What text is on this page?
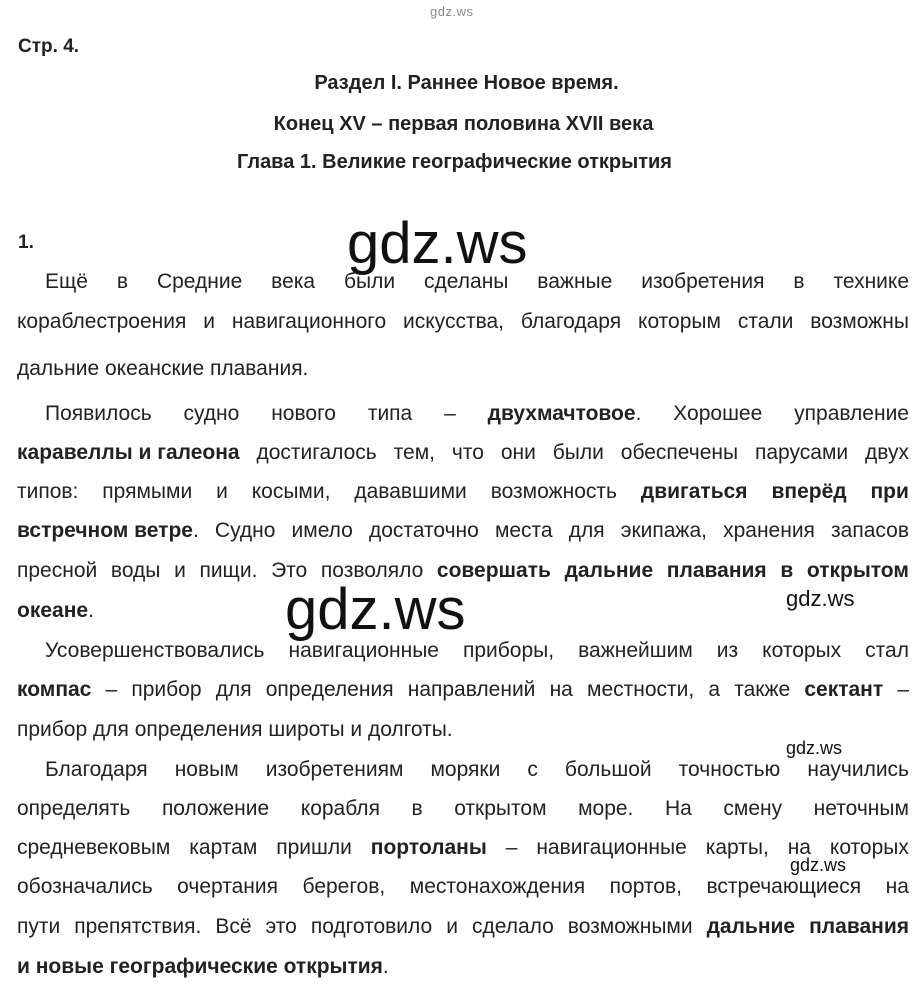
gdz.ws
Стр. 4.
Раздел I. Раннее Новое время.
Конец XV – первая половина XVII века
Глава 1. Великие географические открытия
1.
Ещё в Средние века были сделаны важные изобретения в технике
кораблестроения и навигационного искусства, благодаря которым стали возможны
дальние океанские плавания.
Появилось судно нового типа – двухмачтовое. Хорошее управление
каравеллы и галеона достигалось тем, что они были обеспечены парусами двух
типов: прямыми и косыми, дававшими возможность двигаться вперёд при
встречном ветре. Судно имело достаточно места для экипажа, хранения запасов
пресной воды и пищи. Это позволяло совершать дальние плавания в открытом
океане.
Усовершенствовались навигационные приборы, важнейшим из которых стал
компас – прибор для определения направлений на местности, а также сектант –
прибор для определения широты и долготы.
Благодаря новым изобретениям моряки с большой точностью научились
определять положение корабля в открытом море. На смену неточным
средневековым картам пришли портоланы – навигационные карты, на которых
обозначались очертания берегов, местонахождения портов, встречающиеся на
пути препятствия. Всё это подготовило и сделало возможными дальние плавания
и новые географические открытия.
gdz.ws
gdz.ws	gdz.ws
gdz.ws
gdz.ws
